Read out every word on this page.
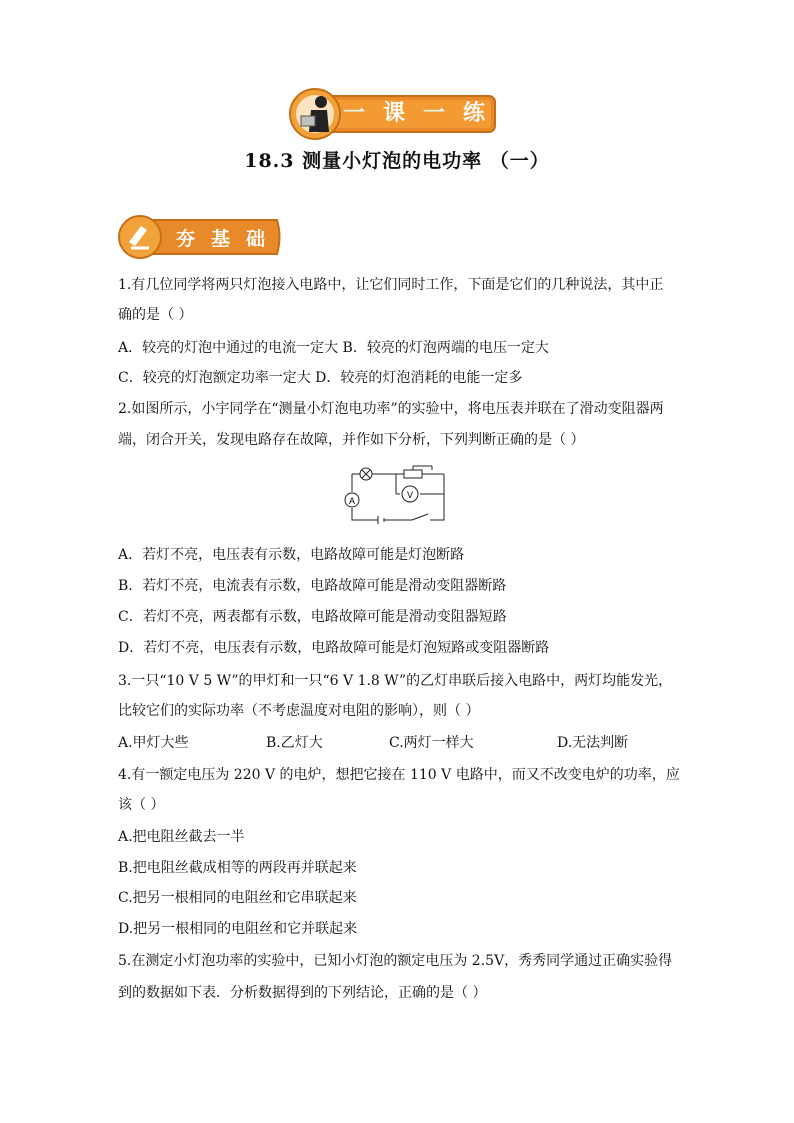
一 课 一 练
18.3 测量小灯泡的电功率 （一）
夯 基 础
1.有几位同学将两只灯泡接入电路中，让它们同时工作，下面是它们的几种说法，其中正
确的是（ ）
A．较亮的灯泡中通过的电流一定大 B．较亮的灯泡两端的电压一定大
C．较亮的灯泡额定功率一定大 D．较亮的灯泡消耗的电能一定多
2.如图所示，小宇同学在“测量小灯泡电功率”的实验中，将电压表并联在了滑动变阻器两
端，闭合开关，发现电路存在故障，并作如下分析，下列判断正确的是（ ）
A
V
A．若灯不亮，电压表有示数，电路故障可能是灯泡断路
B．若灯不亮，电流表有示数，电路故障可能是滑动变阻器断路
C．若灯不亮，两表都有示数，电路故障可能是滑动变阻器短路
D．若灯不亮，电压表有示数，电路故障可能是灯泡短路或变阻器断路
3.一只“10 V 5 W”的甲灯和一只“6 V 1.8 W”的乙灯串联后接入电路中，两灯均能发光，
比较它们的实际功率（不考虑温度对电阻的影响），则（ ）
A.甲灯大些	B.乙灯大	C.两灯一样大	D.无法判断
4.有一额定电压为 220 V 的电炉，想把它接在 110 V 电路中，而又不改变电炉的功率，应
该（ ）
A.把电阻丝截去一半
B.把电阻丝截成相等的两段再并联起来
C.把另一根相同的电阻丝和它串联起来
D.把另一根相同的电阻丝和它并联起来
5.在测定小灯泡功率的实验中，已知小灯泡的额定电压为 2.5V，秀秀同学通过正确实验得
到的数据如下表．分析数据得到的下列结论，正确的是（ ）
